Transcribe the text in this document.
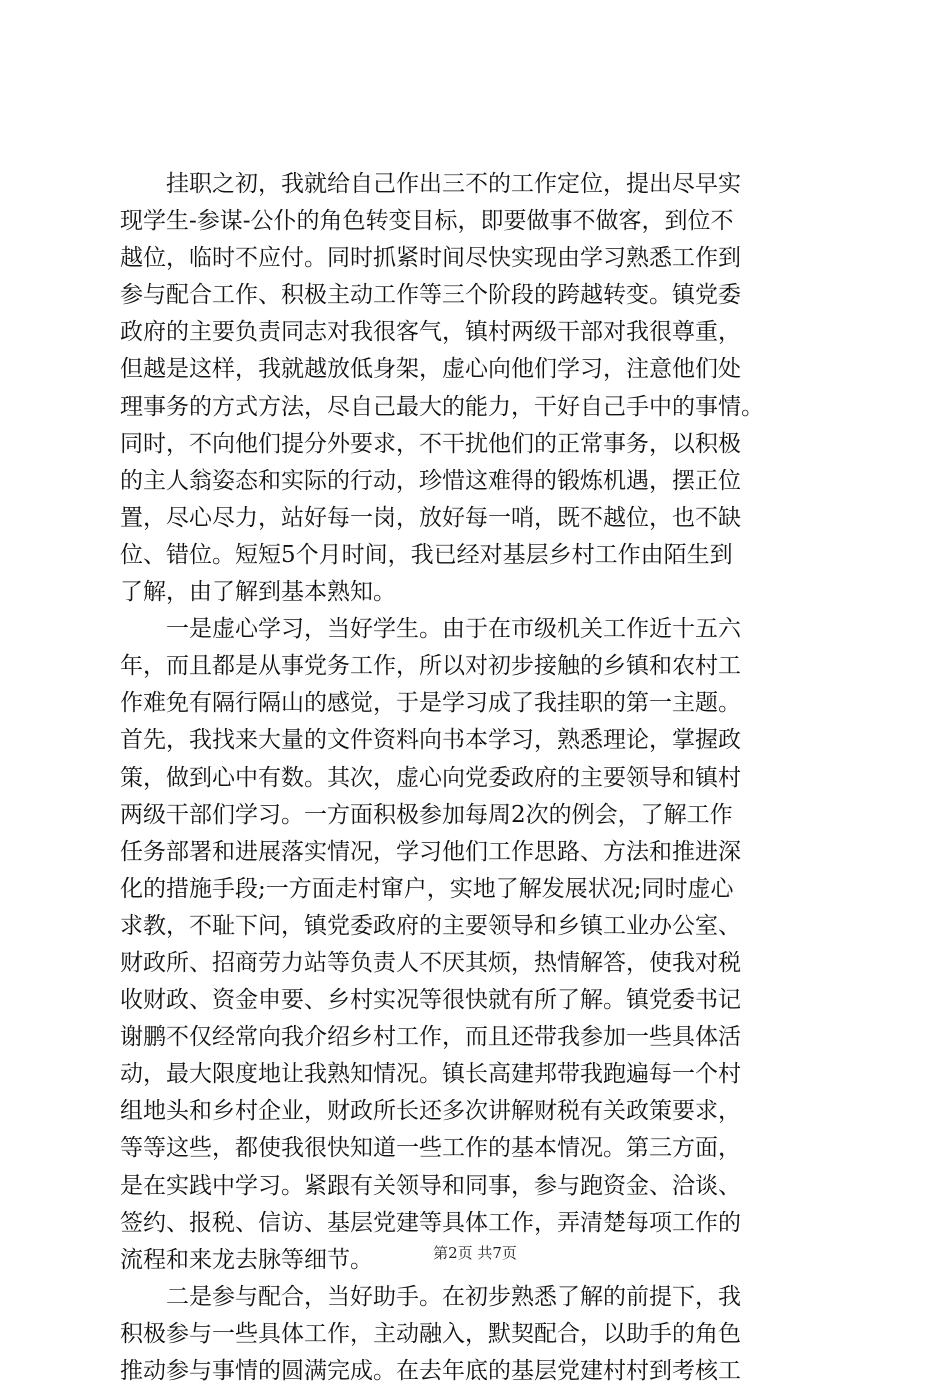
　　挂职之初，我就给自己作出三不的工作定位，提出尽早实
现学生-参谋-公仆的角色转变目标，即要做事不做客，到位不
越位，临时不应付。同时抓紧时间尽快实现由学习熟悉工作到
参与配合工作、积极主动工作等三个阶段的跨越转变。镇党委
政府的主要负责同志对我很客气，镇村两级干部对我很尊重，
但越是这样，我就越放低身架，虚心向他们学习，注意他们处
理事务的方式方法，尽自己最大的能力，干好自己手中的事情。
同时，不向他们提分外要求，不干扰他们的正常事务，以积极
的主人翁姿态和实际的行动，珍惜这难得的锻炼机遇，摆正位
置，尽心尽力，站好每一岗，放好每一哨，既不越位，也不缺
位、错位。短短5个月时间，我已经对基层乡村工作由陌生到
了解，由了解到基本熟知。
　　一是虚心学习，当好学生。由于在市级机关工作近十五六
年，而且都是从事党务工作，所以对初步接触的乡镇和农村工
作难免有隔行隔山的感觉，于是学习成了我挂职的第一主题。
首先，我找来大量的文件资料向书本学习，熟悉理论，掌握政
策，做到心中有数。其次，虚心向党委政府的主要领导和镇村
两级干部们学习。一方面积极参加每周2次的例会，了解工作
任务部署和进展落实情况，学习他们工作思路、方法和推进深
化的措施手段;一方面走村窜户，实地了解发展状况;同时虚心
求教，不耻下问，镇党委政府的主要领导和乡镇工业办公室、
财政所、招商劳力站等负责人不厌其烦，热情解答，使我对税
收财政、资金申要、乡村实况等很快就有所了解。镇党委书记
谢鹏不仅经常向我介绍乡村工作，而且还带我参加一些具体活
动，最大限度地让我熟知情况。镇长高建邦带我跑遍每一个村
组地头和乡村企业，财政所长还多次讲解财税有关政策要求，
等等这些，都使我很快知道一些工作的基本情况。第三方面，
是在实践中学习。紧跟有关领导和同事，参与跑资金、洽谈、
签约、报税、信访、基层党建等具体工作，弄清楚每项工作的
流程和来龙去脉等细节。
　　二是参与配合，当好助手。在初步熟悉了解的前提下，我
积极参与一些具体工作，主动融入，默契配合，以助手的角色
推动参与事情的圆满完成。在去年底的基层党建村村到考核工
第2页 共7页
